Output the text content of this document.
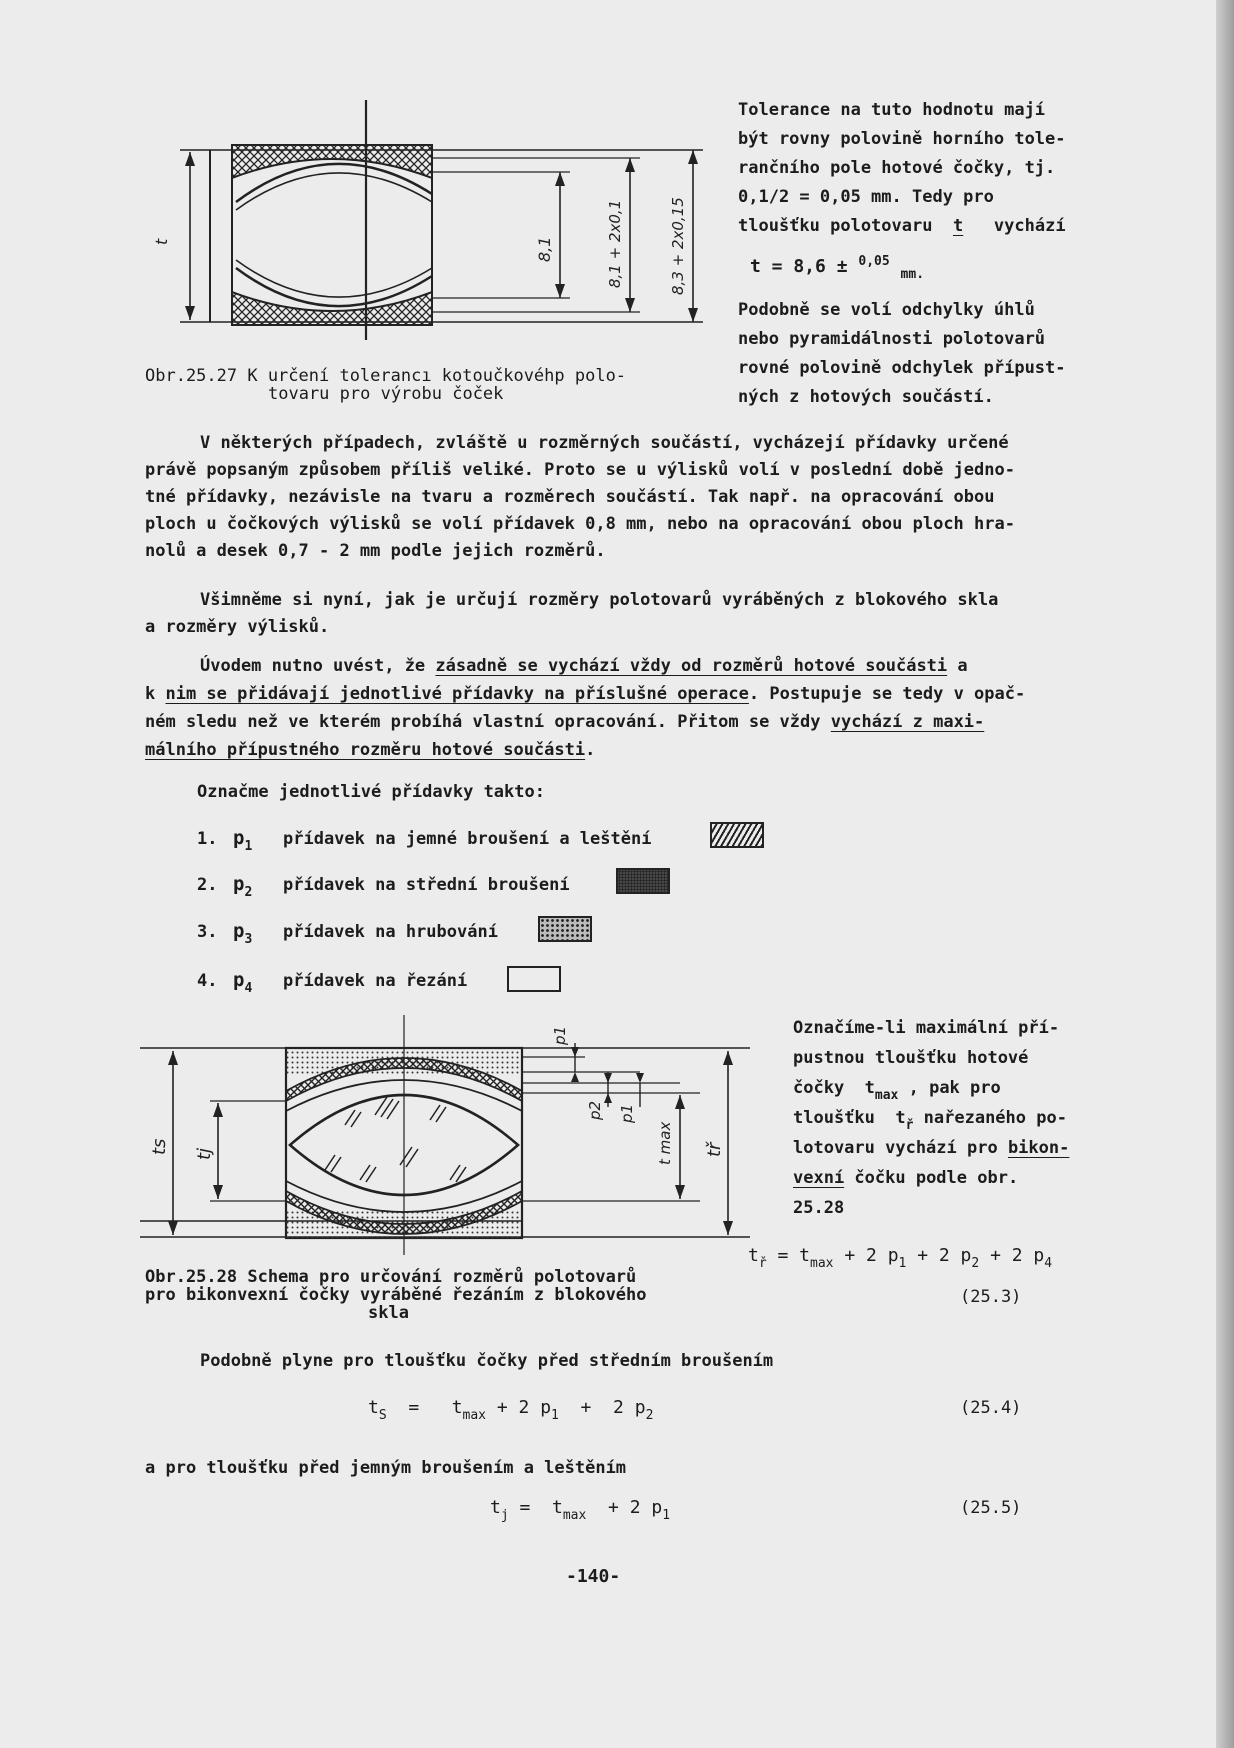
t	8,1	8,1 + 2x0,1	8,3 + 2x0,15
Obr.25.27 K určení tolerancı kotoučkovéhp polo-
tovaru pro výrobu čoček
Tolerance na tuto hodnotu mají
být rovny polovině horního tole-
rančního pole hotové čočky, tj.
0,1/2 = 0,05 mm. Tedy pro
tloušťku polotovaru t vychází
t = 8,6 ± $^{0,05}$ $_{mm.}$
Podobně se volí odchylky úhlů
nebo pyramidálnosti polotovarů
rovné polovině odchylek přípust-
ných z hotových součástí.
V některých případech, zvláště u rozměrných součástí, vycházejí přídavky určené
právě popsaným způsobem příliš veliké. Proto se u výlisků volí v poslední době jedno-
tné přídavky, nezávisle na tvaru a rozměrech součástí. Tak např. na opracování obou
ploch u čočkových výlisků se volí přídavek 0,8 mm, nebo na opracování obou ploch hra-
nolů a desek 0,7 - 2 mm podle jejich rozměrů.
Všimněme si nyní, jak je určují rozměry polotovarů vyráběných z blokového skla
a rozměry výlisků.
Úvodem nutno uvést, že zásadně se vychází vždy od rozměrů hotové součásti a
k nim se přidávají jednotlivé přídavky na příslušné operace. Postupuje se tedy v opač-
ném sledu než ve kterém probíhá vlastní opracování. Přitom se vždy vychází z maxi-
málního přípustného rozměru hotové součásti.
Označme jednotlivé přídavky takto:
1. p1 přídavek na jemné broušení a leštění
2. p2 přídavek na střední broušení
3. p3 přídavek na hrubování
4. p4 přídavek na řezání
ts tj
p1
p2 p1
t max tř
Obr.25.28 Schema pro určování rozměrů polotovarů
pro bikonvexní čočky vyráběné řezáním z blokového
skla
Označíme-li maximální pří-
pustnou tloušťku hotové
čočky  $t_{max}$ , pak pro
tloušťku  $t_ř$ nařezaného po-
lotovaru vychází pro bikon-
vexní čočku podle obr.
25.28
$t_ř = t_{max} + 2$ $p_1 + 2$ $p_2 + 2$ $p_4$
(25.3)
Podobně plyne pro tloušťku čočky před středním broušením
$t_S = t_{max} + 2$ $p_1 + 2$ $p_2$	(25.4)
a pro tloušťku před jemným broušením a leštěním
$t_j = t_{max} + 2$ $p_1$	(25.5)
-140-
